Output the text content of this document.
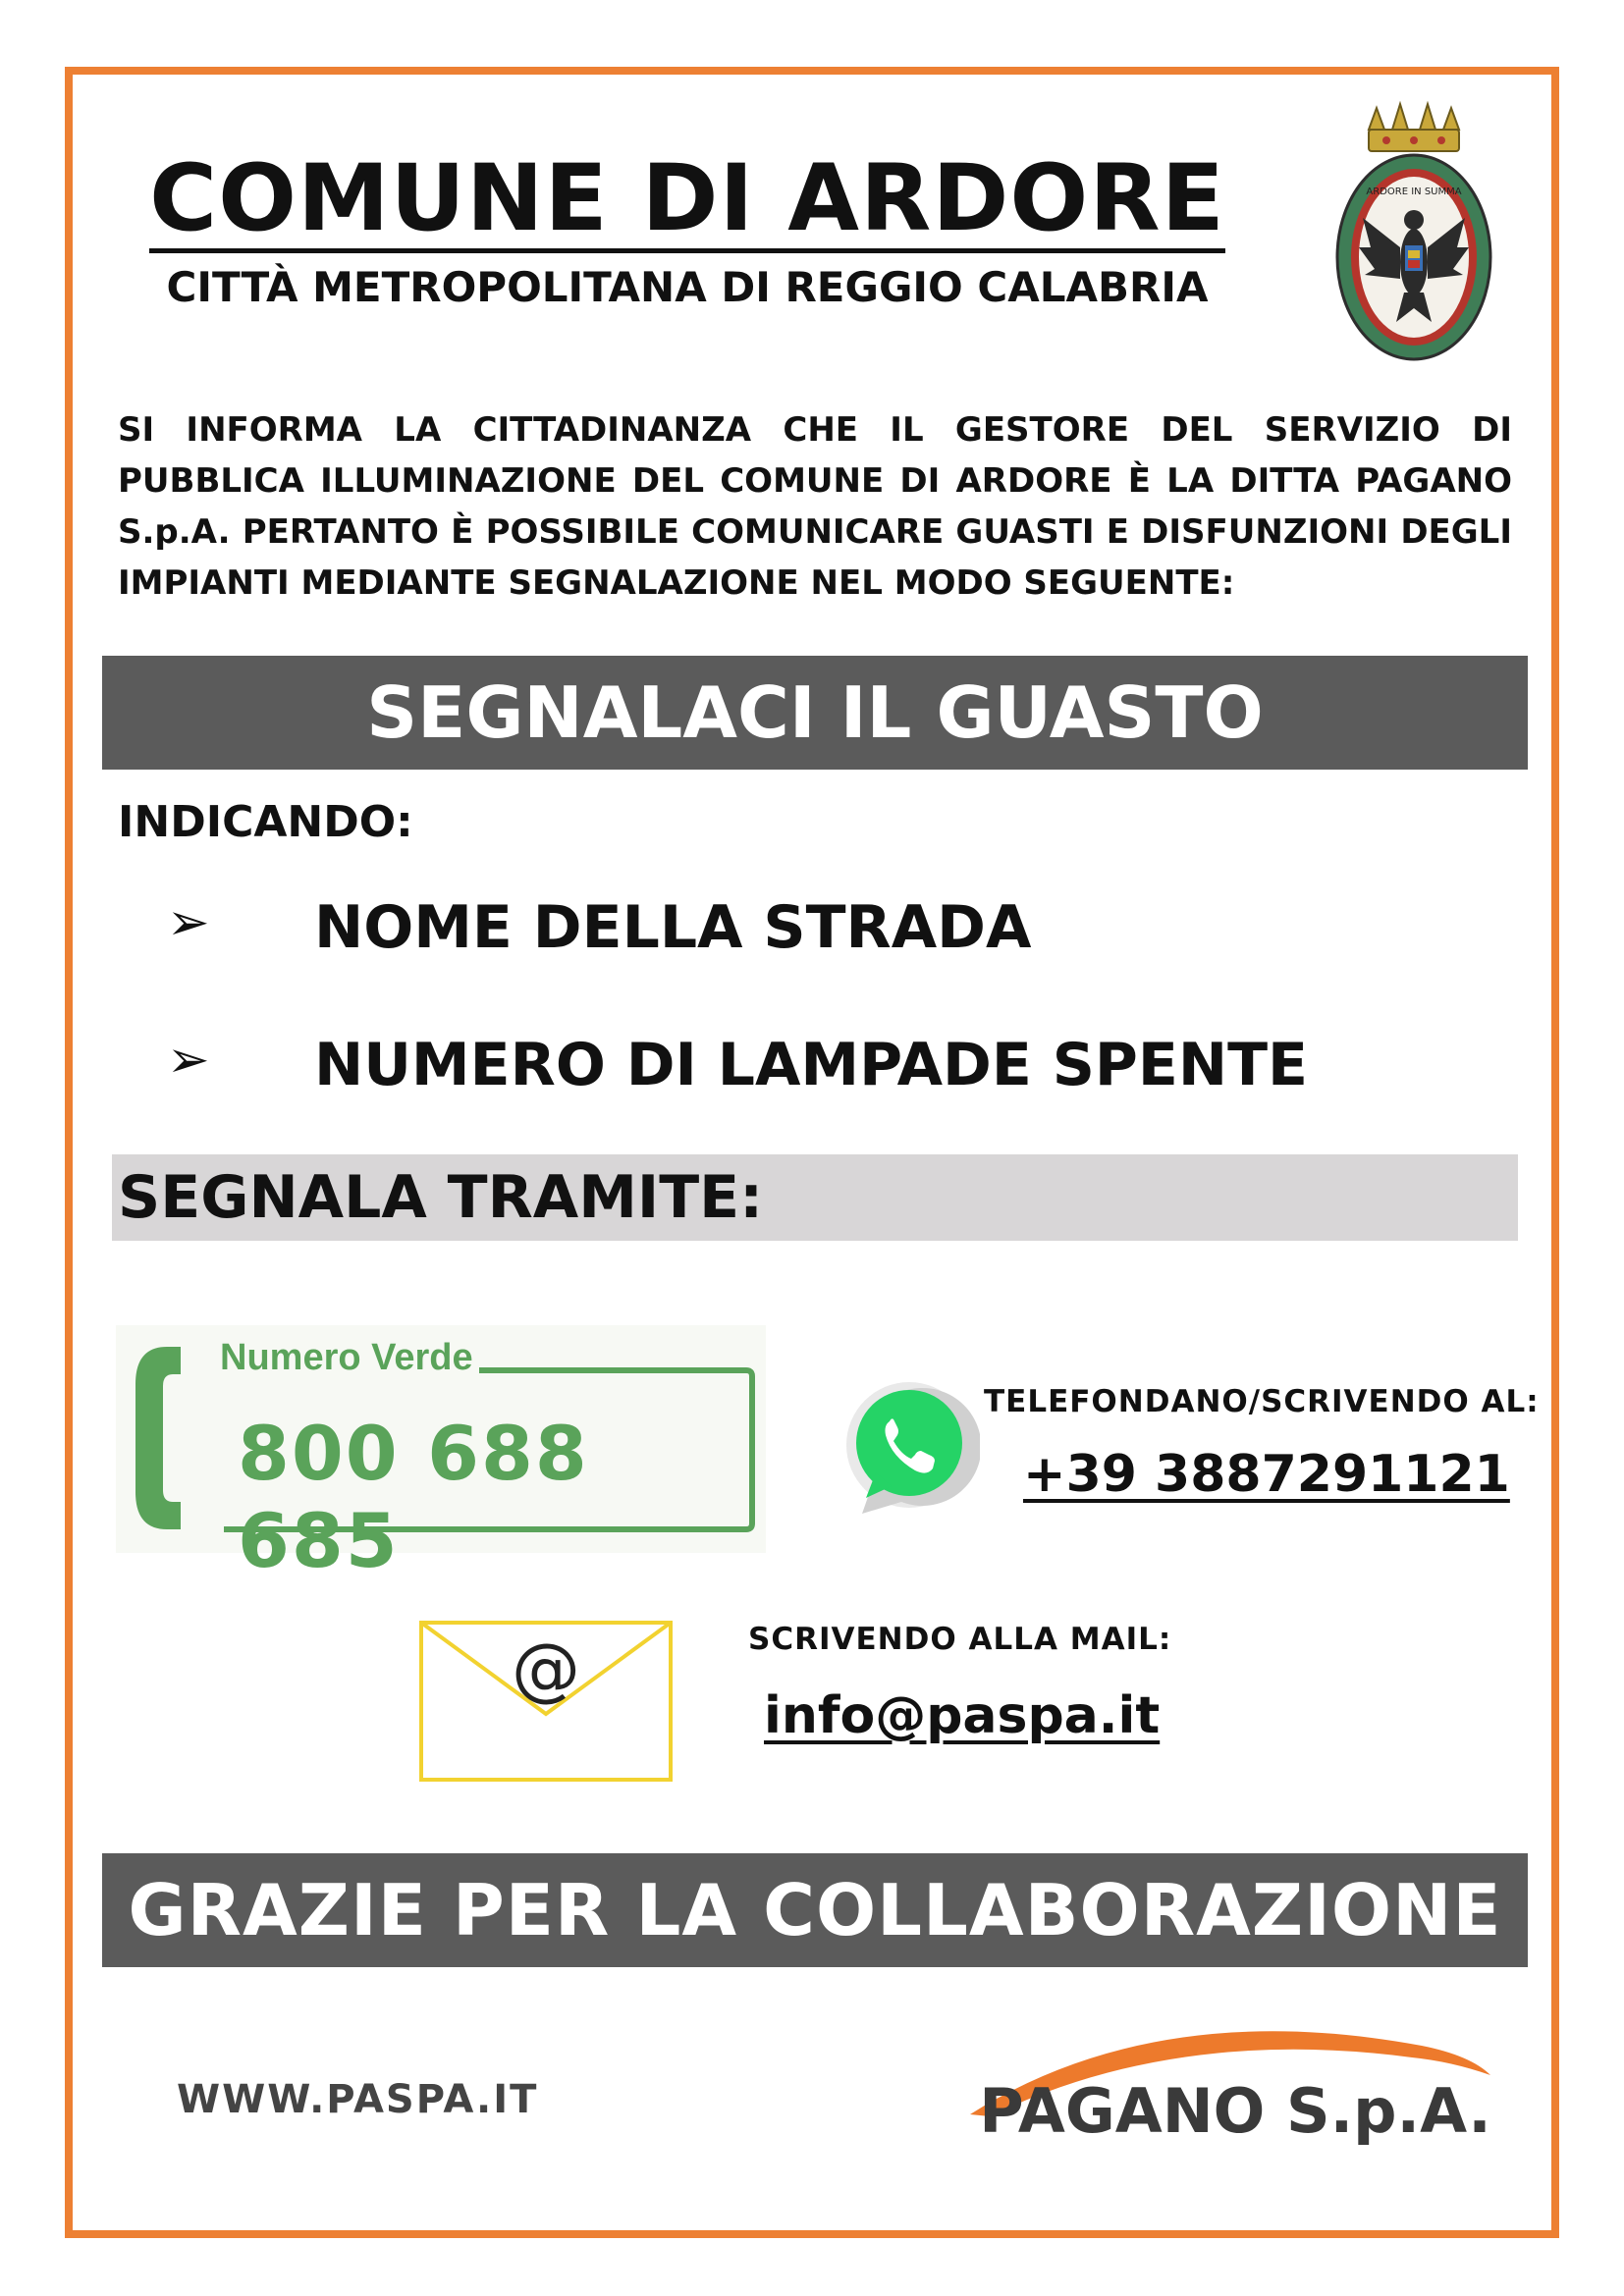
COMUNE DI ARDORE
CITTÀ METROPOLITANA DI REGGIO CALABRIA
ARDORE IN SUMMA
SI INFORMA LA CITTADINANZA CHE IL GESTORE DEL SERVIZIO DI PUBBLICA ILLUMINAZIONE DEL COMUNE DI ARDORE È LA DITTA PAGANO S.p.A. PERTANTO È POSSIBILE COMUNICARE GUASTI E DISFUNZIONI DEGLI IMPIANTI MEDIANTE SEGNALAZIONE NEL MODO SEGUENTE:
SEGNALACI IL GUASTO
INDICANDO:
➢ NOME DELLA STRADA
➢ NUMERO DI LAMPADE SPENTE
SEGNALA TRAMITE:
Numero Verde
800 688 685
TELEFONDANO/SCRIVENDO AL:
+39 3887291121
@	SCRIVENDO ALLA MAIL:
info@paspa.it
GRAZIE PER LA COLLABORAZIONE
WWW.PASPA.IT	PAGANO S.p.A.
